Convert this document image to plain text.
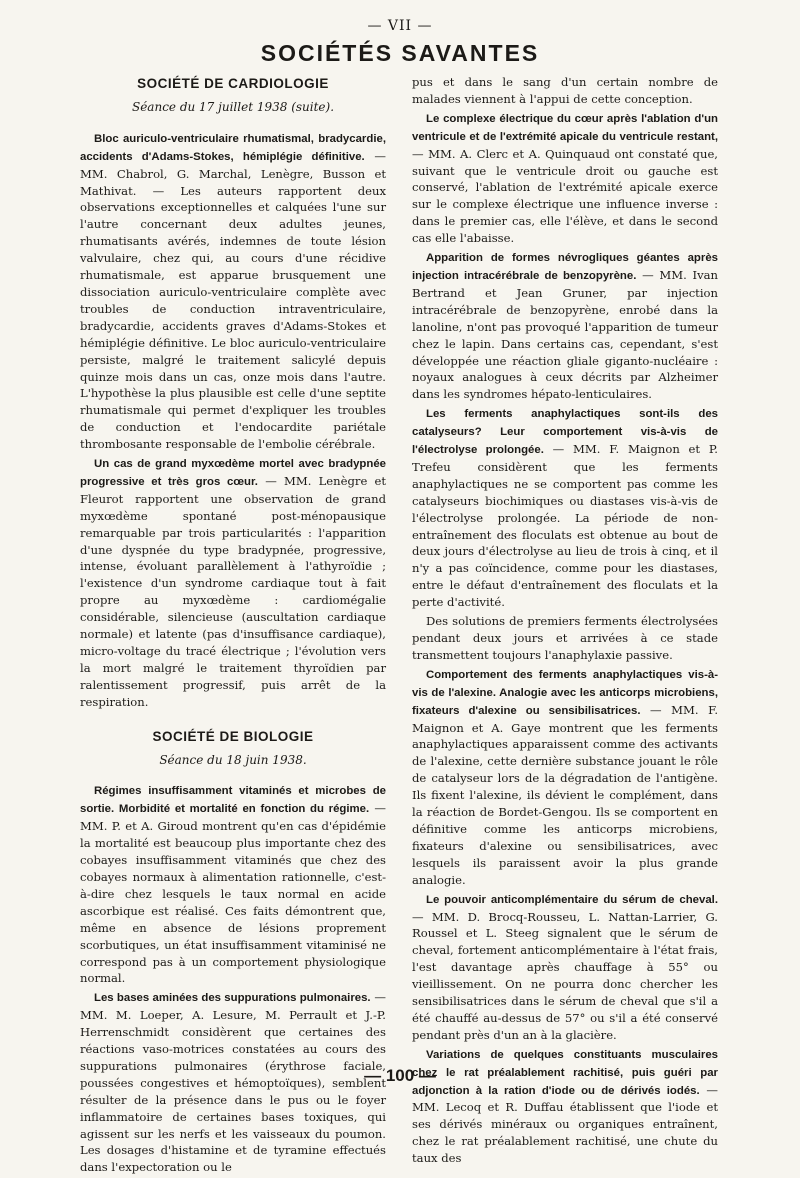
— VII —
SOCIÉTÉS SAVANTES
SOCIÉTÉ DE CARDIOLOGIE
Séance du 17 juillet 1938 (suite).

Bloc auriculo-ventriculaire rhumatismal, bradycardie, accidents d'Adams-Stokes, hémiplégie définitive. — MM. Chabrol, G. Marchal, Lenègre, Busson et Mathivat. — Les auteurs rapportent deux observations exceptionnelles et calquées l'une sur l'autre concernant deux adultes jeunes, rhumatisants avérés, indemnes de toute lésion valvulaire, chez qui, au cours d'une récidive rhumatismale, est apparue brusquement une dissociation auriculo-ventriculaire complète avec troubles de conduction intraventriculaire, bradycardie, accidents graves d'Adams-Stokes et hémiplégie définitive. Le bloc auriculo-ventriculaire persiste, malgré le traitement salicylé depuis quinze mois dans un cas, onze mois dans l'autre. L'hypothèse la plus plausible est celle d'une septite rhumatismale qui permet d'expliquer les troubles de conduction et l'endocardite pariétale thrombosante responsable de l'embolie cérébrale.

Un cas de grand myxœdème mortel avec bradypnée progressive et très gros cœur. — MM. Lenègre et Fleurot rapportent une observation de grand myxœdème spontané post-ménopausique remarquable par trois particularités : l'apparition d'une dyspnée du type bradypnée, progressive, intense, évoluant parallèlement à l'athyroïdie ; l'existence d'un syndrome cardiaque tout à fait propre au myxœdème : cardiomégalie considérable, silencieuse (auscultation cardiaque normale) et latente (pas d'insuffisance cardiaque), micro-voltage du tracé électrique ; l'évolution vers la mort malgré le traitement thyroïdien par ralentissement progressif, puis arrêt de la respiration.

SOCIÉTÉ DE BIOLOGIE
Séance du 18 juin 1938.

Régimes insuffisamment vitaminés et microbes de sortie. Morbidité et mortalité en fonction du régime. — MM. P. et A. Giroud montrent qu'en cas d'épidémie la mortalité est beaucoup plus importante chez des cobayes insuffisamment vitaminés que chez des cobayes normaux à alimentation rationnelle, c'est-à-dire chez lesquels le taux normal en acide ascorbique est réalisé. Ces faits démontrent que, même en absence de lésions proprement scorbutiques, un état insuffisamment vitaminisé ne correspond pas à un comportement physiologique normal.

Les bases aminées des suppurations pulmonaires. — MM. M. Loeper, A. Lesure, M. Perrault et J.-P. Herrenschmidt considèrent que certaines des réactions vaso-motrices constatées au cours des suppurations pulmonaires (érythrose faciale, poussées congestives et hémoptoïques), semblent résulter de la présence dans le pus ou le foyer inflammatoire de certaines bases toxiques, qui agissent sur les nerfs et les vaisseaux du poumon. Les dosages d'histamine et de tyramine effectués dans l'expectoration ou le

pus et dans le sang d'un certain nombre de malades viennent à l'appui de cette conception.

Le complexe électrique du cœur après l'ablation d'un ventricule et de l'extrémité apicale du ventricule restant, — MM. A. Clerc et A. Quinquaud ont constaté que, suivant que le ventricule droit ou gauche est conservé, l'ablation de l'extrémité apicale exerce sur le complexe électrique une influence inverse : dans le premier cas, elle l'élève, et dans le second cas elle l'abaisse.

Apparition de formes névrogliques géantes après injection intracérébrale de benzopyrène. — MM. Ivan Bertrand et Jean Gruner, par injection intracérébrale de benzopyrène, enrobé dans la lanoline, n'ont pas provoqué l'apparition de tumeur chez le lapin. Dans certains cas, cependant, s'est développée une réaction gliale giganto-nucléaire : noyaux analogues à ceux décrits par Alzheimer dans les syndromes hépato-lenticulaires.

Les ferments anaphylactiques sont-ils des catalyseurs? Leur comportement vis-à-vis de l'électrolyse prolongée. — MM. F. Maignon et P. Trefeu considèrent que les ferments anaphylactiques ne se comportent pas comme les catalyseurs biochimiques ou diastases vis-à-vis de l'électrolyse prolongée. La période de non-entraînement des floculats est obtenue au bout de deux jours d'électrolyse au lieu de trois à cinq, et il n'y a pas coïncidence, comme pour les diastases, entre le défaut d'entraînement des floculats et la perte d'activité.

Des solutions de premiers ferments électrolysées pendant deux jours et arrivées à ce stade transmettent toujours l'anaphylaxie passive.

Comportement des ferments anaphylactiques vis-à-vis de l'alexine. Analogie avec les anticorps microbiens, fixateurs d'alexine ou sensibilisatrices. — MM. F. Maignon et A. Gaye montrent que les ferments anaphylactiques apparaissent comme des activants de l'alexine, cette dernière substance jouant le rôle de catalyseur lors de la dégradation de l'antigène. Ils fixent l'alexine, ils dévient le complément, dans la réaction de Bordet-Gengou. Ils se comportent en définitive comme les anticorps microbiens, fixateurs d'alexine ou sensibilisatrices, avec lesquels ils paraissent avoir la plus grande analogie.

Le pouvoir anticomplémentaire du sérum de cheval. — MM. D. Brocq-Rousseu, L. Nattan-Larrier, G. Roussel et L. Steeg signalent que le sérum de cheval, fortement anticomplémentaire à l'état frais, l'est davantage après chauffage à 55° ou vieillissement. On ne pourra donc chercher les sensibilisatrices dans le sérum de cheval que s'il a été chauffé au-dessus de 57° ou s'il a été conservé pendant près d'un an à la glacière.

Variations de quelques constituants musculaires chez le rat préalablement rachitisé, puis guéri par adjonction à la ration d'iode ou de dérivés iodés. — MM. Lecoq et R. Duffau établissent que l'iode et ses dérivés minéraux ou organiques entraînent, chez le rat préalablement rachitisé, une chute du taux des

— 100 —
